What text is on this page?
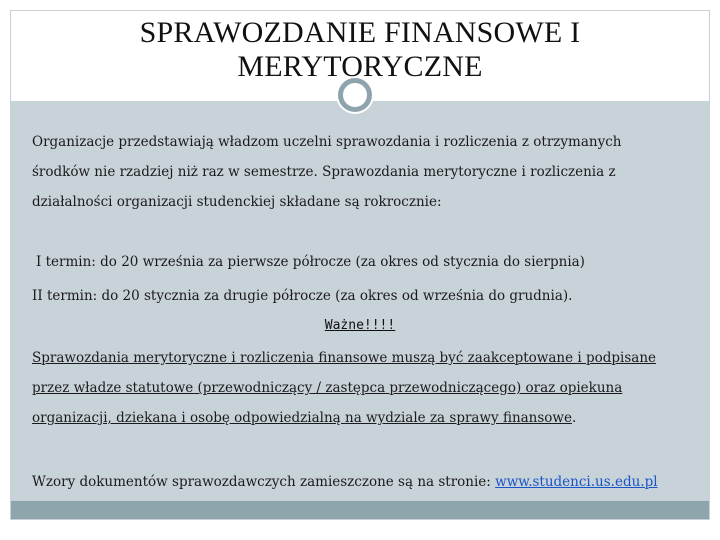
SPRAWOZDANIE FINANSOWE I
MERYTORYCZNE
Organizacje przedstawiają władzom uczelni sprawozdania i rozliczenia z otrzymanych
środków nie rzadziej niż raz w semestrze. Sprawozdania merytoryczne i rozliczenia z
działalności organizacji studenckiej składane są rokrocznie:
I termin: do 20 września za pierwsze półrocze (za okres od stycznia do sierpnia)
II termin: do 20 stycznia za drugie półrocze (za okres od września do grudnia).
Ważne!!!!
Sprawozdania merytoryczne i rozliczenia finansowe muszą być zaakceptowane i podpisane
przez władze statutowe (przewodniczący / zastępca przewodniczącego) oraz opiekuna
organizacji, dziekana i osobę odpowiedzialną na wydziale za sprawy finansowe.
Wzory dokumentów sprawozdawczych zamieszczone są na stronie: www.studenci.us.edu.pl
